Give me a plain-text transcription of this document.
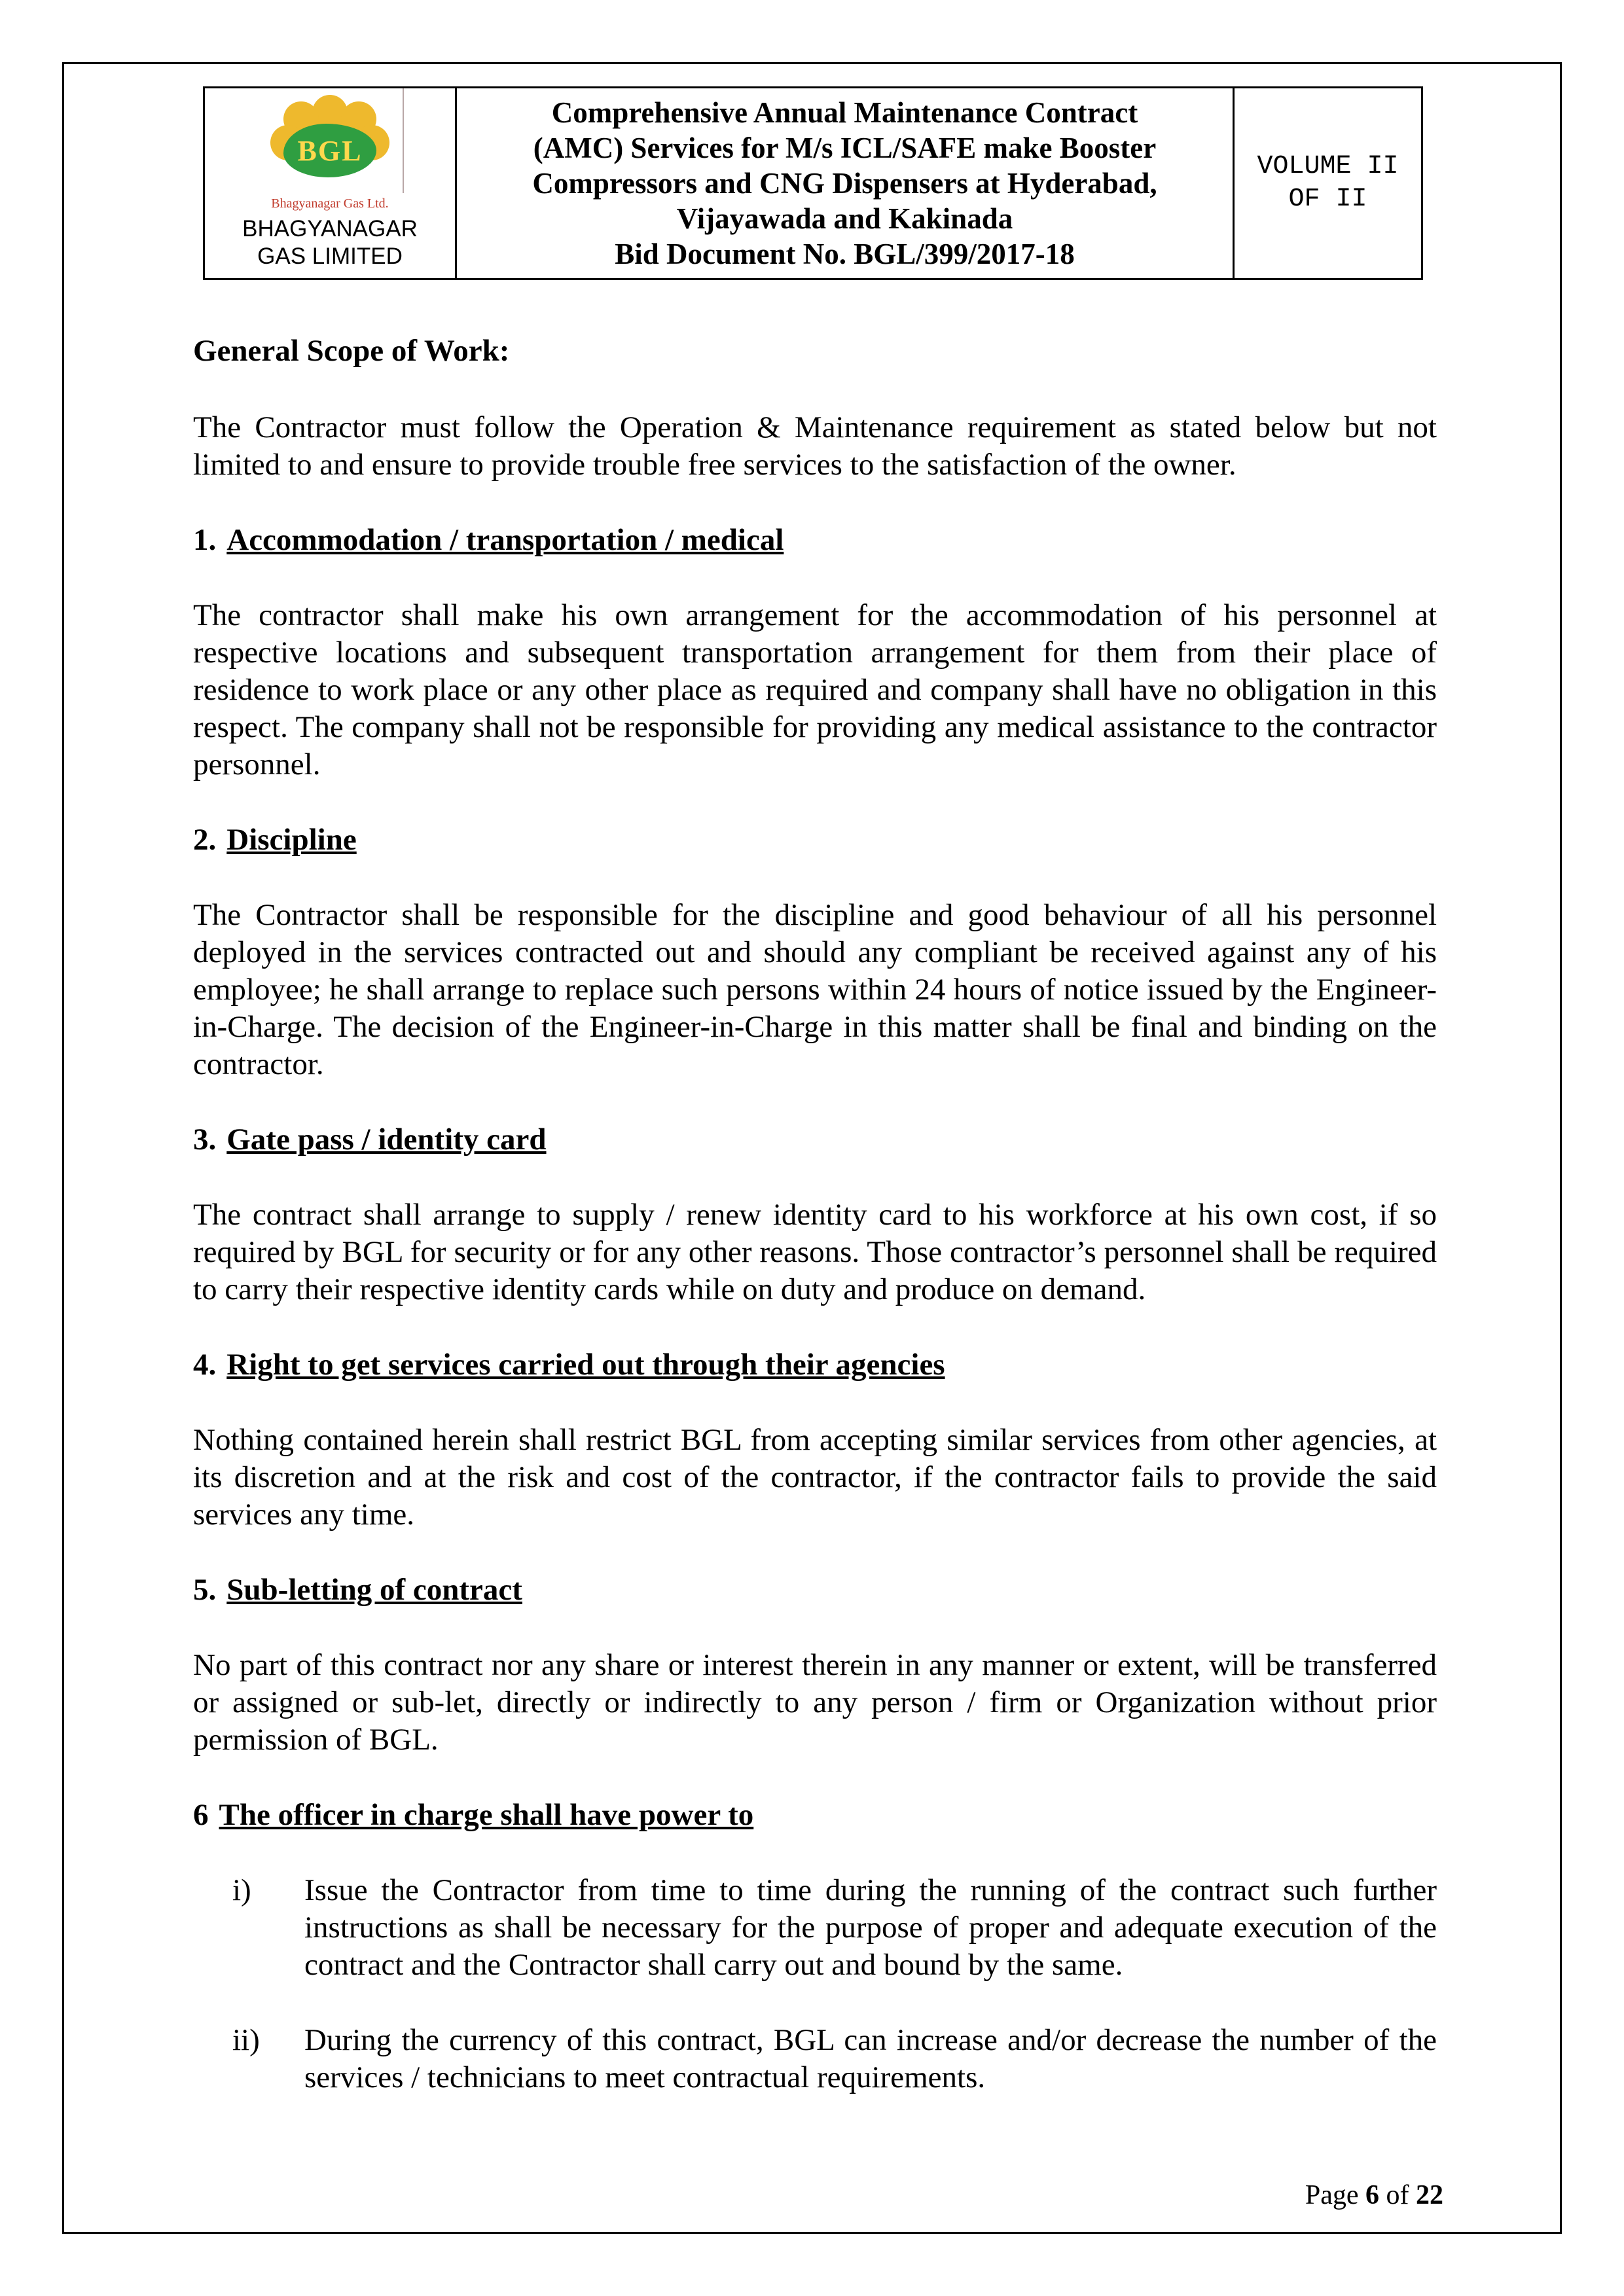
BGL
Bhagyanagar Gas Ltd.
BHAGYANAGAR GAS LIMITED
Comprehensive Annual Maintenance Contract
(AMC) Services for M/s ICL/SAFE make Booster
Compressors and CNG Dispensers at Hyderabad,
Vijayawada and Kakinada
Bid Document No. BGL/399/2017-18
VOLUME II
OF II
General Scope of Work:

The Contractor must follow the Operation & Maintenance requirement as stated below but not limited to and ensure to provide trouble free services to the satisfaction of the owner.

1. Accommodation / transportation / medical

The contractor shall make his own arrangement for the accommodation of his personnel at respective locations and subsequent transportation arrangement for them from their place of residence to work place or any other place as required and company shall have no obligation in this respect. The company shall not be responsible for providing any medical assistance to the contractor personnel.

2. Discipline

The Contractor shall be responsible for the discipline and good behaviour of all his personnel deployed in the services contracted out and should any compliant be received against any of his employee; he shall arrange to replace such persons within 24 hours of notice issued by the Engineer-in-Charge. The decision of the Engineer-in-Charge in this matter shall be final and binding on the contractor.

3. Gate pass / identity card

The contract shall arrange to supply / renew identity card to his workforce at his own cost, if so required by BGL for security or for any other reasons. Those contractor’s personnel shall be required to carry their respective identity cards while on duty and produce on demand.

4. Right to get services carried out through their agencies

Nothing contained herein shall restrict BGL from accepting similar services from other agencies, at its discretion and at the risk and cost of the contractor, if the contractor fails to provide the said services any time.

5. Sub-letting of contract

No part of this contract nor any share or interest therein in any manner or extent, will be transferred or assigned or sub-let, directly or indirectly to any person / firm or Organization without prior permission of BGL.

6 The officer in charge shall have power to
i)	Issue the Contractor from time to time during the running of the contract such further instructions as shall be necessary for the purpose of proper and adequate execution of the contract and the Contractor shall carry out and bound by the same.

ii)	During the currency of this contract, BGL can increase and/or decrease the number of the services / technicians to meet contractual requirements.

Page 6 of 22
